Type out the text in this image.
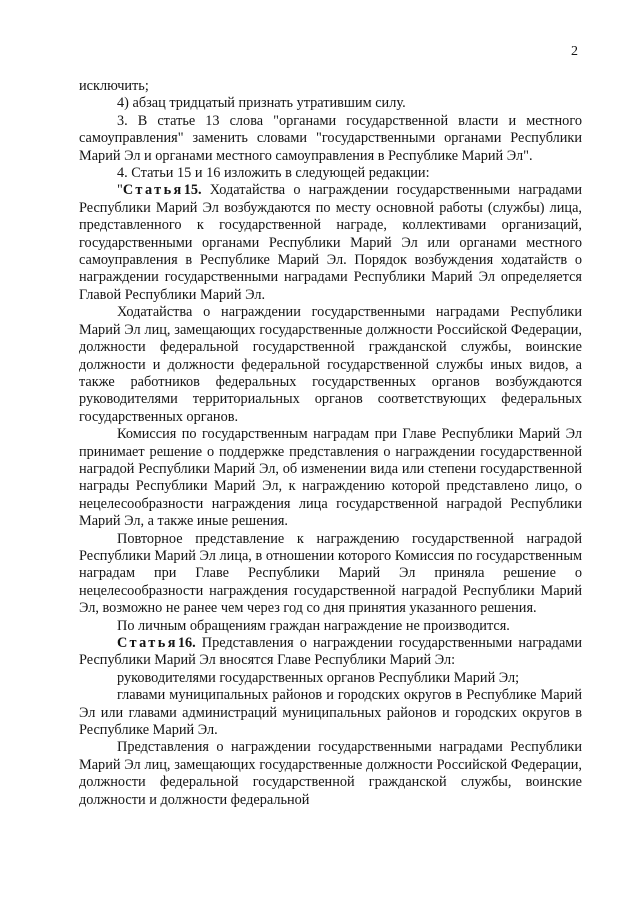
2

исключить;

4) абзац тридцатый признать утратившим силу.

3. В статье 13 слова "органами государственной власти и местного самоуправления" заменить словами "государственными органами Республики Марий Эл и органами местного самоуправления в Республике Марий Эл".

4. Статьи 15 и 16 изложить в следующей редакции:

"Статья15. Ходатайства о награждении государственными наградами Республики Марий Эл возбуждаются по месту основной работы (службы) лица, представленного к государственной награде, коллективами организаций, государственными органами Республики Марий Эл или органами местного самоуправления в Республике Марий Эл. Порядок возбуждения ходатайств о награждении государственными наградами Республики Марий Эл определяется Главой Республики Марий Эл.

Ходатайства о награждении государственными наградами Республики Марий Эл лиц, замещающих государственные должности Российской Федерации, должности федеральной государственной гражданской службы, воинские должности и должности федеральной государственной службы иных видов, а также работников федеральных государственных органов возбуждаются руководителями территориальных органов соответствующих федеральных государственных органов.

Комиссия по государственным наградам при Главе Республики Марий Эл принимает решение о поддержке представления о награждении государственной наградой Республики Марий Эл, об изменении вида или степени государственной награды Республики Марий Эл, к награждению которой представлено лицо, о нецелесообразности награждения лица государственной наградой Республики Марий Эл, а также иные решения.

Повторное представление к награждению государственной наградой Республики Марий Эл лица, в отношении которого Комиссия по государственным наградам при Главе Республики Марий Эл приняла решение о нецелесообразности награждения государственной наградой Республики Марий Эл, возможно не ранее чем через год со дня принятия указанного решения.

По личным обращениям граждан награждение не производится.

Статья16. Представления о награждении государственными наградами Республики Марий Эл вносятся Главе Республики Марий Эл:

руководителями государственных органов Республики Марий Эл;

главами муниципальных районов и городских округов в Республике Марий Эл или главами администраций муниципальных районов и городских округов в Республике Марий Эл.

Представления о награждении государственными наградами Республики Марий Эл лиц, замещающих государственные должности Российской Федерации, должности федеральной государственной гражданской службы, воинские должности и должности федеральной
